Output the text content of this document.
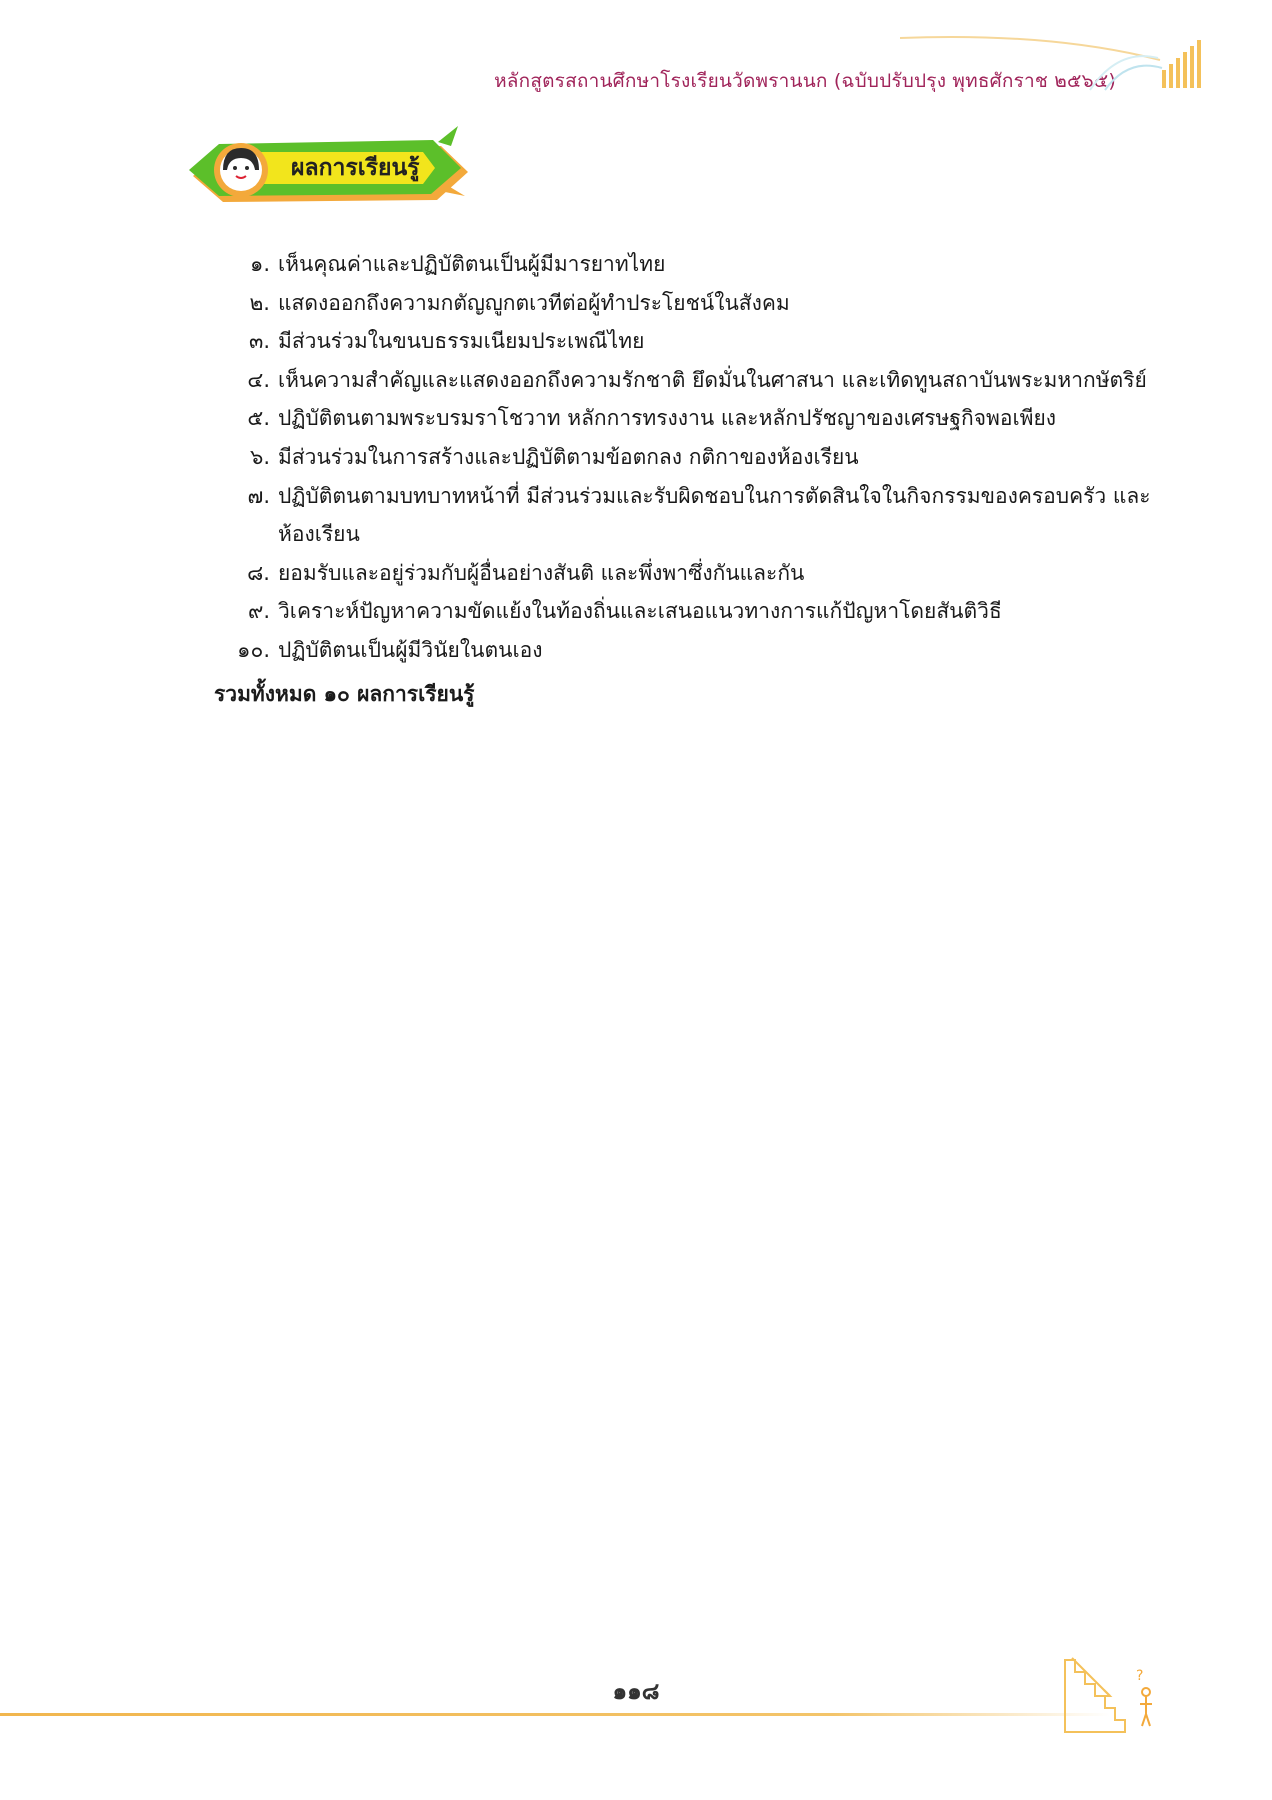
หลักสูตรสถานศึกษาโรงเรียนวัดพรานนก (ฉบับปรับปรุง พุทธศักราช ๒๕๖๕)
ผลการเรียนรู้
๑. เห็นคุณค่าและปฏิบัติตนเป็นผู้มีมารยาทไทย
๒. แสดงออกถึงความกตัญญูกตเวทีต่อผู้ทำประโยชน์ในสังคม
๓. มีส่วนร่วมในขนบธรรมเนียมประเพณีไทย
๔. เห็นความสำคัญและแสดงออกถึงความรักชาติ ยึดมั่นในศาสนา และเทิดทูนสถาบันพระมหากษัตริย์
๕. ปฏิบัติตนตามพระบรมราโชวาท หลักการทรงงาน และหลักปรัชญาของเศรษฐกิจพอเพียง
๖. มีส่วนร่วมในการสร้างและปฏิบัติตามข้อตกลง กติกาของห้องเรียน
๗. ปฏิบัติตนตามบทบาทหน้าที่ มีส่วนร่วมและรับผิดชอบในการตัดสินใจในกิจกรรมของครอบครัว และห้องเรียน
๘. ยอมรับและอยู่ร่วมกับผู้อื่นอย่างสันติ และพึ่งพาซึ่งกันและกัน
๙. วิเคราะห์ปัญหาความขัดแย้งในท้องถิ่นและเสนอแนวทางการแก้ปัญหาโดยสันติวิธี
๑๐. ปฏิบัติตนเป็นผู้มีวินัยในตนเอง
รวมทั้งหมด ๑๐ ผลการเรียนรู้
๑๑๘
?
